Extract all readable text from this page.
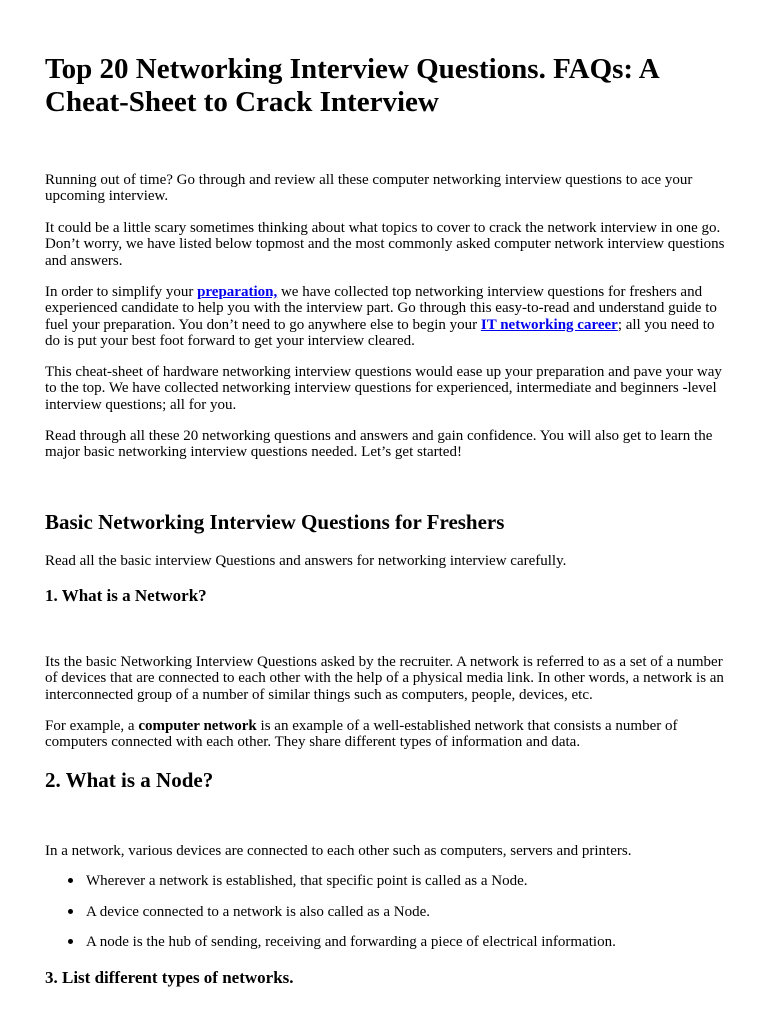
Top 20 Networking Interview Questions. FAQs: A Cheat-Sheet to Crack Interview

Running out of time? Go through and review all these computer networking interview questions to ace your upcoming interview.

It could be a little scary sometimes thinking about what topics to cover to crack the network interview in one go. Don’t worry, we have listed below topmost and the most commonly asked computer network interview questions and answers.

In order to simplify your preparation, we have collected top networking interview questions for freshers and experienced candidate to help you with the interview part. Go through this easy-to-read and understand guide to fuel your preparation. You don’t need to go anywhere else to begin your IT networking career; all you need to do is put your best foot forward to get your interview cleared.

This cheat-sheet of hardware networking interview questions would ease up your preparation and pave your way to the top. We have collected networking interview questions for experienced, intermediate and beginners -level interview questions; all for you.

Read through all these 20 networking questions and answers and gain confidence. You will also get to learn the major basic networking interview questions needed. Let’s get started!

Basic Networking Interview Questions for Freshers

Read all the basic interview Questions and answers for networking interview carefully.

1. What is a Network?

Its the basic Networking Interview Questions asked by the recruiter. A network is referred to as a set of a number of devices that are connected to each other with the help of a physical media link. In other words, a network is an interconnected group of a number of similar things such as computers, people, devices, etc.

For example, a computer network is an example of a well-established network that consists a number of computers connected with each other. They share different types of information and data.

2. What is a Node?

In a network, various devices are connected to each other such as computers, servers and printers.

Wherever a network is established, that specific point is called as a Node.
A device connected to a network is also called as a Node.
A node is the hub of sending, receiving and forwarding a piece of electrical information.
3. List different types of networks.
